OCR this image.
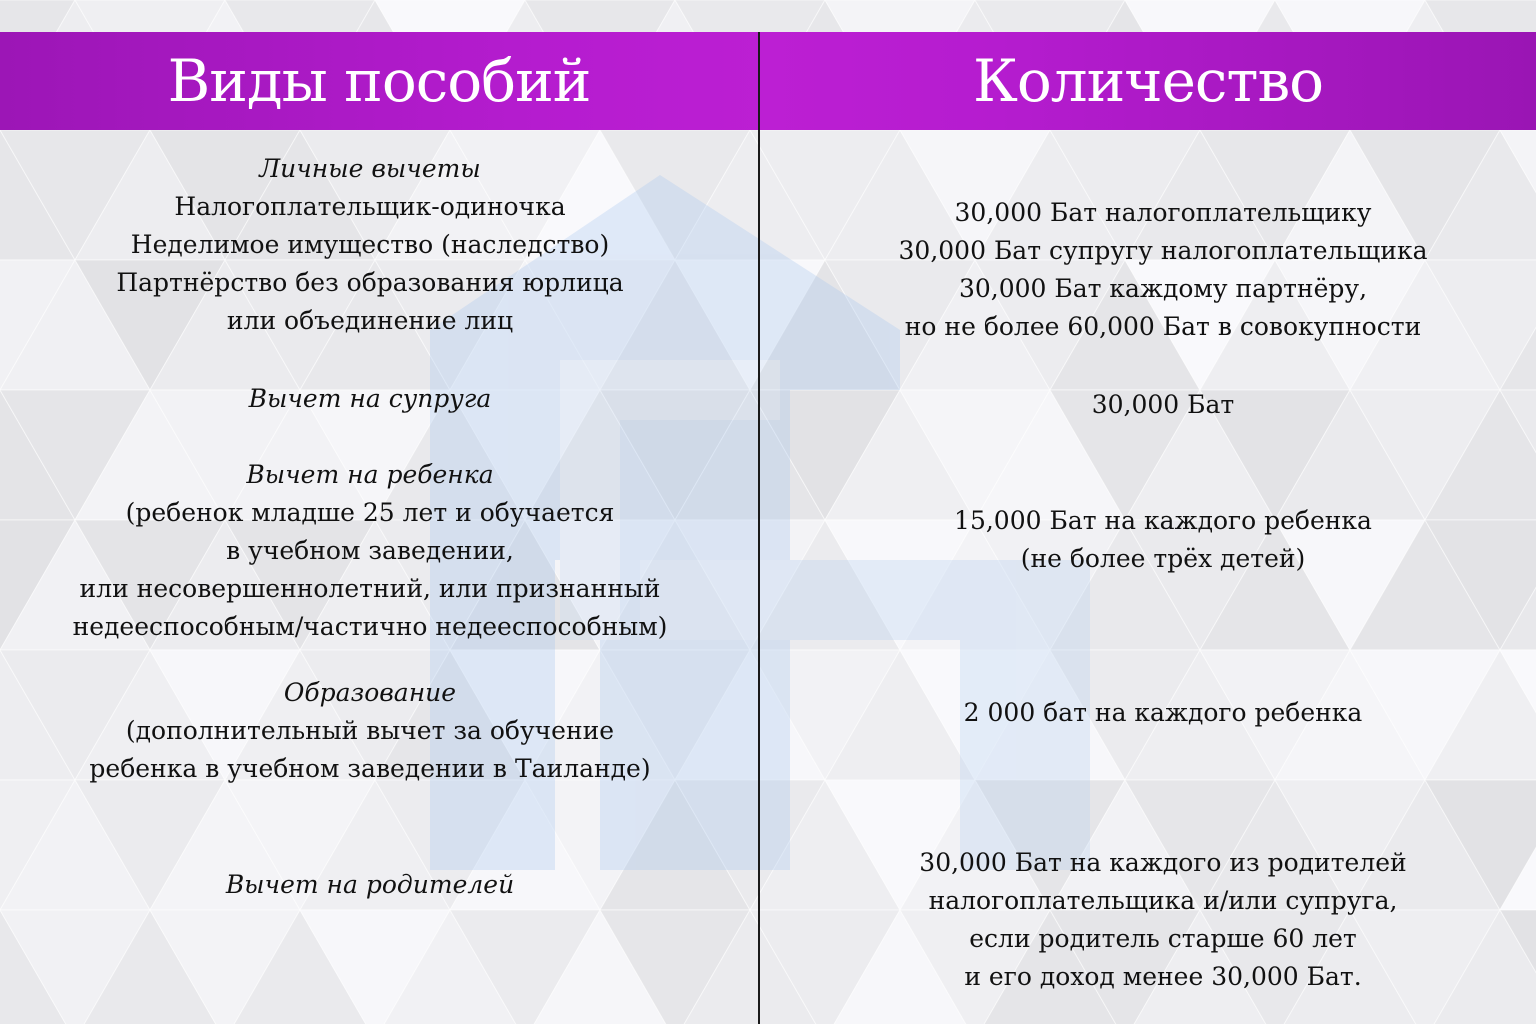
Виды пособий	Количество
Личные вычеты
Налогоплательщик-одиночка
Неделимое имущество (наследство)
Партнёрство без образования юрлица
или объединение лиц
30,000 Бат налогоплательщику
30,000 Бат супругу налогоплательщика
30,000 Бат каждому партнёру,
но не более 60,000 Бат в совокупности
Вычет на супруга	30,000 Бат
Вычет на ребенка
(ребенок младше 25 лет и обучается
в учебном заведении,
или несовершеннолетний, или признанный
недееспособным/частично недееспособным)
15,000 Бат на каждого ребенка
(не более трёх детей)
Образование
(дополнительный вычет за обучение
ребенка в учебном заведении в Таиланде)
2 000 бат на каждого ребенка
Вычет на родителей
30,000 Бат на каждого из родителей
налогоплательщика и/или супруга,
если родитель старше 60 лет
и его доход менее 30,000 Бат.
